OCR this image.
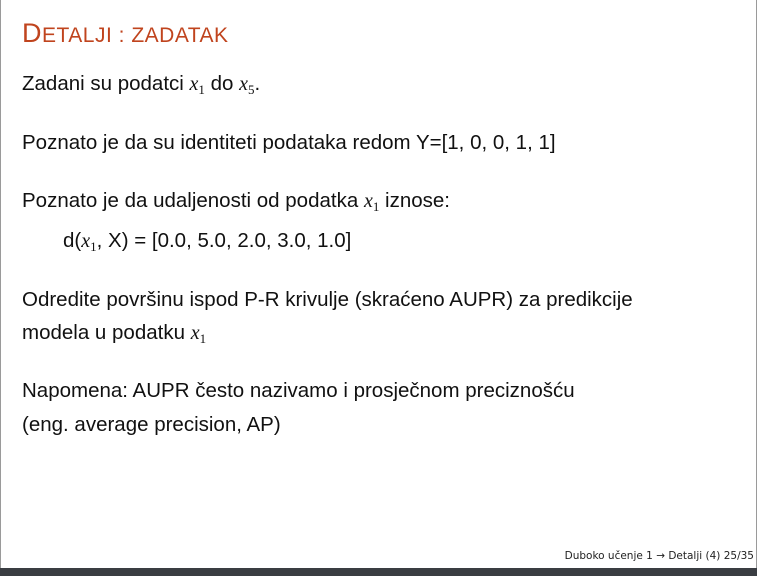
DETALJI : ZADATAK
Zadani su podatci $x_1$ do $x_5$.
Poznato je da su identiteti podataka redom Y=[1, 0, 0, 1, 1]
Poznato je da udaljenosti od podatka $x_1$ iznose:
$d(x_1$, X) = [0.0, 5.0, 2.0, 3.0, 1.0]
Odredite površinu ispod P-R krivulje (skraćeno AUPR) za predikcije
modela u podatku $x_1$
Napomena: AUPR često nazivamo i prosječnom preciznošću
(eng. average precision, AP)
Duboko učenje 1 → Detalji (4) 25/35
